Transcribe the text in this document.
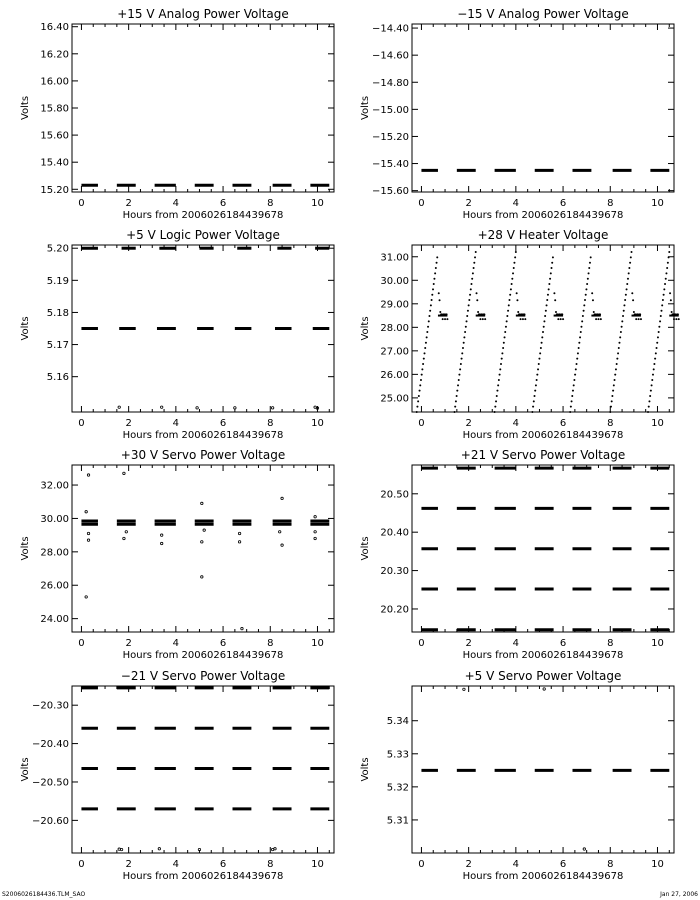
+15 V Analog Power Voltage
0	2	4	6	8	10
15.20
15.40
15.60
15.80
16.00
16.20
16.40
Hours from 2006026184439678
Volts
−15 V Analog Power Voltage
0	2	4	6	8	10
−15.60
−15.40
−15.20
−15.00
−14.80
−14.60
−14.40
Hours from 2006026184439678
Volts
+5 V Logic Power Voltage
0	2	4	6	8	10
5.16
5.17
5.18
5.19
5.20
Hours from 2006026184439678
Volts
+28 V Heater Voltage
0	2	4	6	8	10
25.00
26.00
27.00
28.00
29.00
30.00
31.00
Hours from 2006026184439678
Volts
+30 V Servo Power Voltage
0	2	4	6	8	10
24.00
26.00
28.00
30.00
32.00
Hours from 2006026184439678
Volts
+21 V Servo Power Voltage
0	2	4	6	8	10
20.20
20.30
20.40
20.50
Hours from 2006026184439678
Volts
−21 V Servo Power Voltage
0	2	4	6	8	10
−20.60
−20.50
−20.40
−20.30
Hours from 2006026184439678
Volts
+5 V Servo Power Voltage
0	2	4	6	8	10
5.31
5.32
5.33
5.34
Hours from 2006026184439678
Volts
S2006026184436.TLM_SAO	Jan 27, 2006
